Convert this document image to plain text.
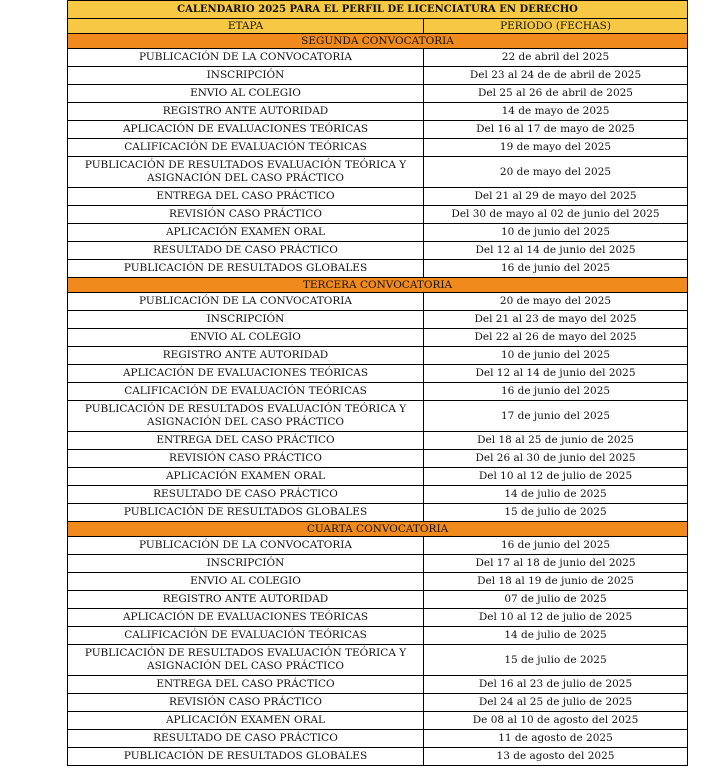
CALENDARIO 2025 PARA EL PERFIL DE LICENCIATURA EN DERECHO	
ETAPA	PERIODO (FECHAS)
SEGUNDA CONVOCATORIA	
PUBLICACIÓN DE LA CONVOCATORIA	22 de abril del 2025
INSCRIPCIÓN	Del 23 al 24 de de abril de 2025
ENVIO AL COLEGIO	Del 25 al 26 de abril de 2025
REGISTRO ANTE AUTORIDAD	14 de mayo de 2025
APLICACIÓN DE EVALUACIONES TEÓRICAS	Del 16 al 17 de mayo de 2025
CALIFICACIÓN DE EVALUACIÓN TEÓRICAS	19 de mayo del 2025
PUBLICACIÓN DE RESULTADOS EVALUACIÓN TEÓRICA Y ASIGNACIÓN DEL CASO PRÁCTICO	20 de mayo del 2025
ENTREGA DEL CASO PRÁCTICO	Del 21 al 29 de mayo del 2025
REVISIÓN CASO PRÁCTICO	Del 30 de mayo al 02 de junio del 2025
APLICACIÓN EXAMEN ORAL	10 de junio del 2025
RESULTADO DE CASO PRÁCTICO	Del 12 al 14 de junio del 2025
PUBLICACIÓN DE RESULTADOS GLOBALES	16 de junio del 2025
TERCERA CONVOCATORIA	
PUBLICACIÓN DE LA CONVOCATORIA	20 de mayo del 2025
INSCRIPCIÓN	Del 21 al 23 de mayo del 2025
ENVIO AL COLEGIO	Del 22 al 26 de mayo del 2025
REGISTRO ANTE AUTORIDAD	10 de junio del 2025
APLICACIÓN DE EVALUACIONES TEÓRICAS	Del 12 al 14 de junio del 2025
CALIFICACIÓN DE EVALUACIÓN TEÓRICAS	16 de junio del 2025
PUBLICACIÓN DE RESULTADOS EVALUACIÓN TEÓRICA Y ASIGNACIÓN DEL CASO PRÁCTICO	17 de junio del 2025
ENTREGA DEL CASO PRÁCTICO	Del 18 al 25 de junio de 2025
REVISIÓN CASO PRÁCTICO	Del 26 al 30 de junio del 2025
APLICACIÓN EXAMEN ORAL	Del 10 al 12 de julio de 2025
RESULTADO DE CASO PRÁCTICO	14 de julio de 2025
PUBLICACIÓN DE RESULTADOS GLOBALES	15 de julio de 2025
CUARTA CONVOCATORIA	
PUBLICACIÓN DE LA CONVOCATORIA	16 de junio del 2025
INSCRIPCIÓN	Del 17 al 18 de junio del 2025
ENVIO AL COLEGIO	Del 18 al 19 de junio de 2025
REGISTRO ANTE AUTORIDAD	07 de julio de 2025
APLICACIÓN DE EVALUACIONES TEÓRICAS	Del 10 al 12 de julio de 2025
CALIFICACIÓN DE EVALUACIÓN TEÓRICAS	14 de julio de 2025
PUBLICACIÓN DE RESULTADOS EVALUACIÓN TEÓRICA Y ASIGNACIÓN DEL CASO PRÁCTICO	15 de julio de 2025
ENTREGA DEL CASO PRÁCTICO	Del 16 al 23 de julio de 2025
REVISIÓN CASO PRÁCTICO	Del 24 al 25 de julio de 2025
APLICACIÓN EXAMEN ORAL	De 08 al 10 de agosto del 2025
RESULTADO DE CASO PRÁCTICO	11 de agosto de 2025
PUBLICACIÓN DE RESULTADOS GLOBALES	13 de agosto del 2025
